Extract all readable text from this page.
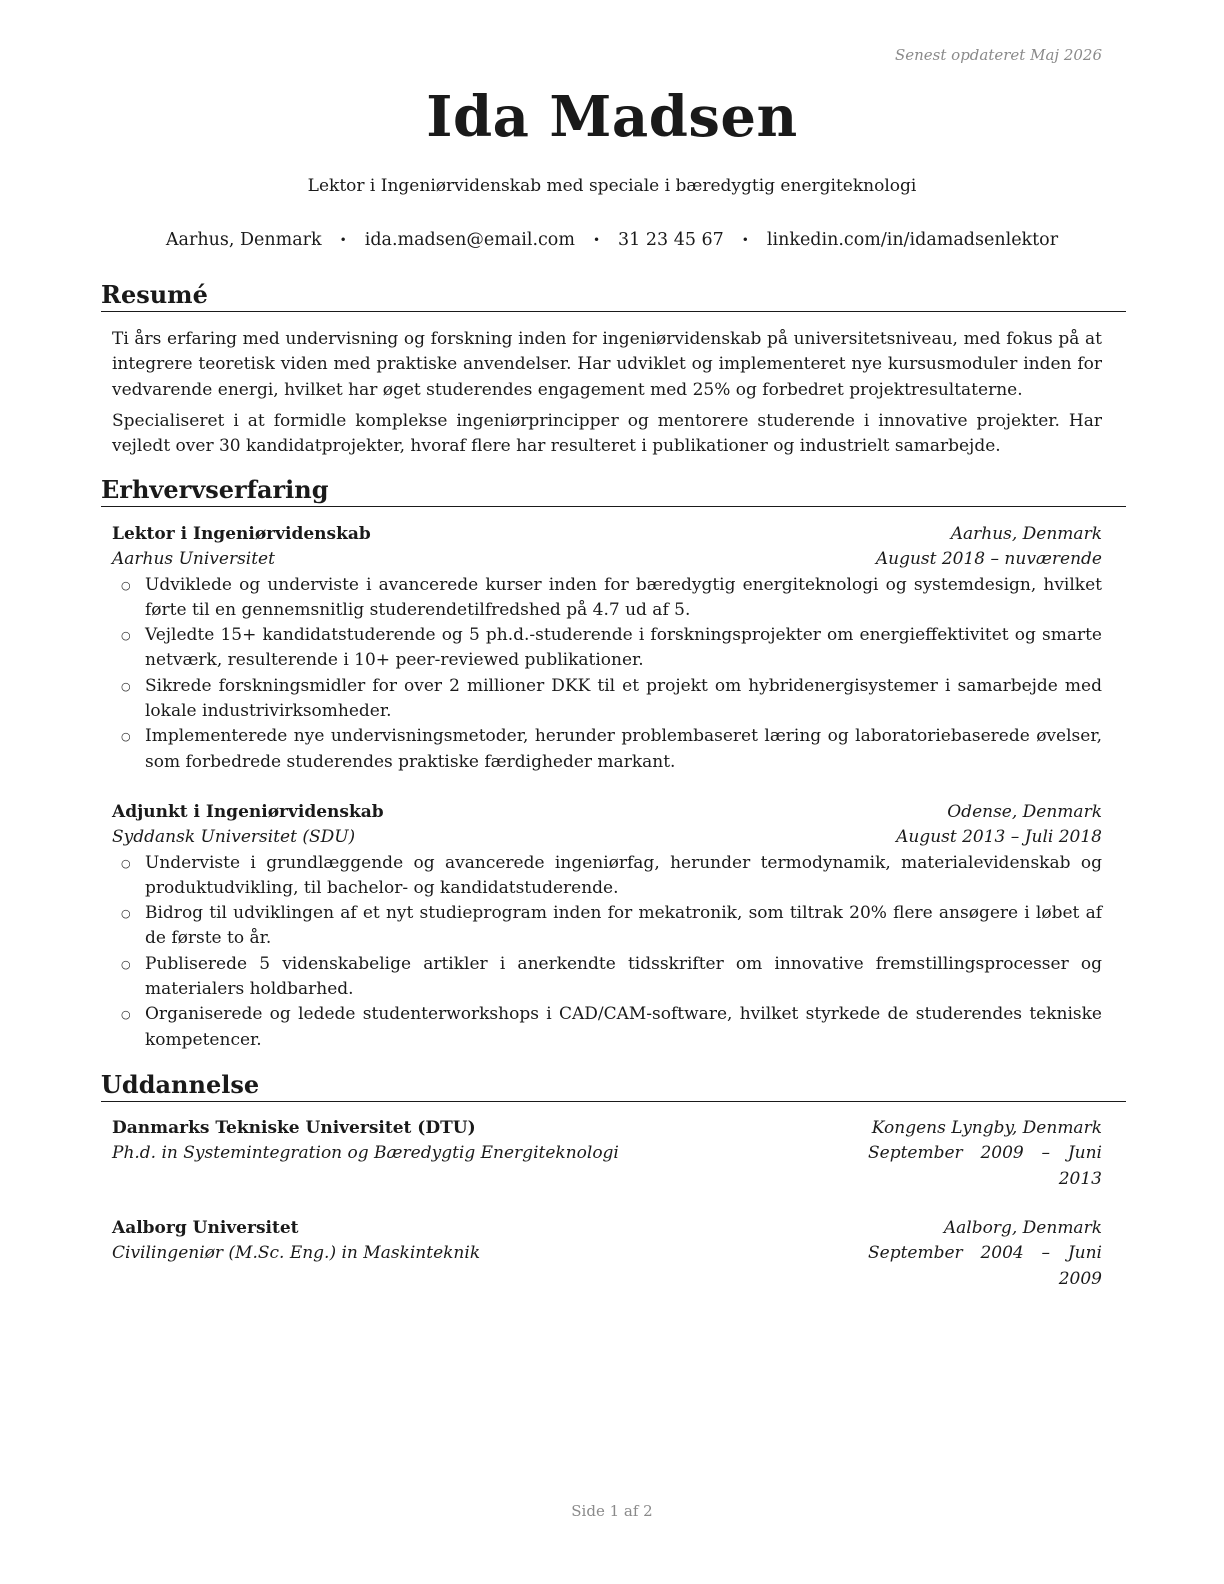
Senest opdateret Maj 2026
Ida Madsen
Lektor i Ingeniørvidenskab med speciale i bæredygtig energiteknologi
Aarhus, Denmark • ida.madsen@email.com • 31 23 45 67 • linkedin.com/in/idamadsenlektor
Resumé
Ti års erfaring med undervisning og forskning inden for ingeniørvidenskab på universitetsniveau, med fokus på at integrere teoretisk viden med praktiske anvendelser. Har udviklet og implementeret nye kursusmoduler inden for vedvarende energi, hvilket har øget studerendes engagement med 25% og forbedret projektresultaterne.
Specialiseret i at formidle komplekse ingeniørprincipper og mentorere studerende i innovative projekter. Har vejledt over 30 kandidatprojekter, hvoraf flere har resulteret i publikationer og industrielt samarbejde.
Erhvervserfaring
Lektor i Ingeniørvidenskab	Aarhus, Denmark
Aarhus Universitet	August 2018 – nuværende
○ Udviklede og underviste i avancerede kurser inden for bæredygtig energiteknologi og systemdesign, hvilket førte til en gennemsnitlig studerendetilfredshed på 4.7 ud af 5.
○ Vejledte 15+ kandidatstuderende og 5 ph.d.-studerende i forskningsprojekter om energieffektivitet og smarte netværk, resulterende i 10+ peer-reviewed publikationer.
○ Sikrede forskningsmidler for over 2 millioner DKK til et projekt om hybridenergisystemer i samarbejde med lokale industrivirksomheder.
○ Implementerede nye undervisningsmetoder, herunder problembaseret læring og laboratoriebaserede øvelser, som forbedrede studerendes praktiske færdigheder markant.
Adjunkt i Ingeniørvidenskab	Odense, Denmark
Syddansk Universitet (SDU)	August 2013 – Juli 2018
○ Underviste i grundlæggende og avancerede ingeniørfag, herunder termodynamik, materialevidenskab og produktudvikling, til bachelor- og kandidatstuderende.
○ Bidrog til udviklingen af et nyt studieprogram inden for mekatronik, som tiltrak 20% flere ansøgere i løbet af de første to år.
○ Publiserede 5 videnskabelige artikler i anerkendte tidsskrifter om innovative fremstillingsprocesser og materialers holdbarhed.
○ Organiserede og ledede studenterworkshops i CAD/CAM-software, hvilket styrkede de studerendes tekniske kompetencer.
Uddannelse
Danmarks Tekniske Universitet (DTU)	Kongens Lyngby, Denmark
Ph.d. in Systemintegration og Bæredygtig Energiteknologi	September 2009 – Juni 2013
Aalborg Universitet	Aalborg, Denmark
Civilingeniør (M.Sc. Eng.) in Maskinteknik	September 2004 – Juni 2009
Side 1 af 2
